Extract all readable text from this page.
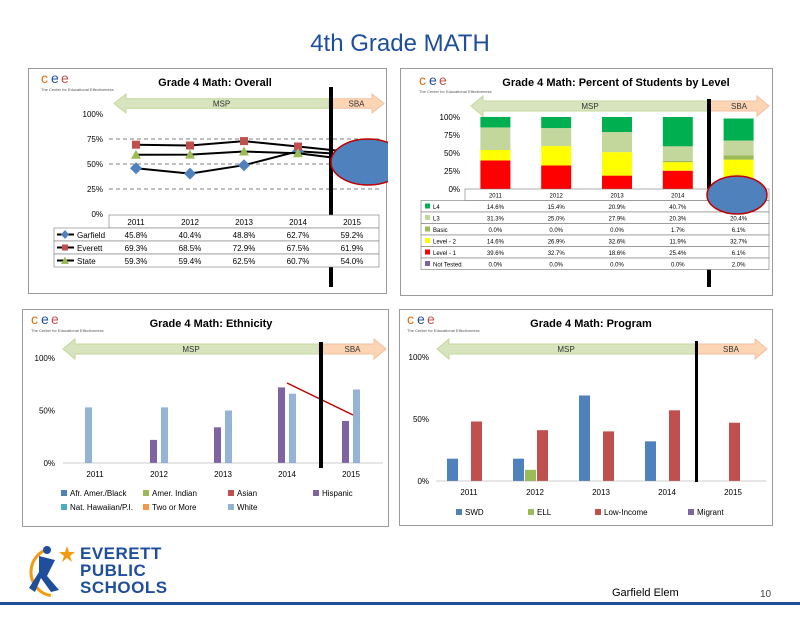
4th Grade MATH
c e e
The Center for Educational Effectiveness
Grade 4 Math: Overall
MSP	SBA
0%
25%
50%
75%
100%
2011	2012	2013	2014	2015
Garfield 45.8%	40.4%	48.8%	62.7%	59.2%
Everett	69.3%	68.5%	72.9%	67.5%	61.9%
State	59.3%	59.4%	62.5%	60.7%	54.0%
c e e
The Center for Educational Effectiveness
Grade 4 Math: Percent of Students by Level
MSP	SBA
0%
25%
50%
75%
100%
2011	2012	2013	2014
L4	14.6%	15.4%	20.9%	40.7%
L3	31.3%	25.0%	27.9%	20.3%	20.4%
Basic	0.0%	0.0%	0.0%	1.7%	6.1%
Level - 2	14.6%	26.9%	32.6%	11.9%	32.7%
Level - 1	39.6%	32.7%	18.6%	25.4%	6.1%
Not Tested	0.0%	0.0%	0.0%	0.0%	2.0%
c e e
The Center for Educational Effectiveness
Grade 4 Math: Ethnicity
MSP	SBA
0%
50%
100%
2011	2012	2013	2014	2015
Afr. Amer./Black	Amer. Indian	Asian	Hispanic
Nat. Hawaiian/P.I. Two or More	White
c e e
The Center for Educational Effectiveness
Grade 4 Math: Program
MSP	SBA
0%
50%
100%
2011	2012	2013	2014	2015
SWD	ELL	Low-Income	Migrant
EVERETT
PUBLIC
SCHOOLS	Garfield Elem	10
